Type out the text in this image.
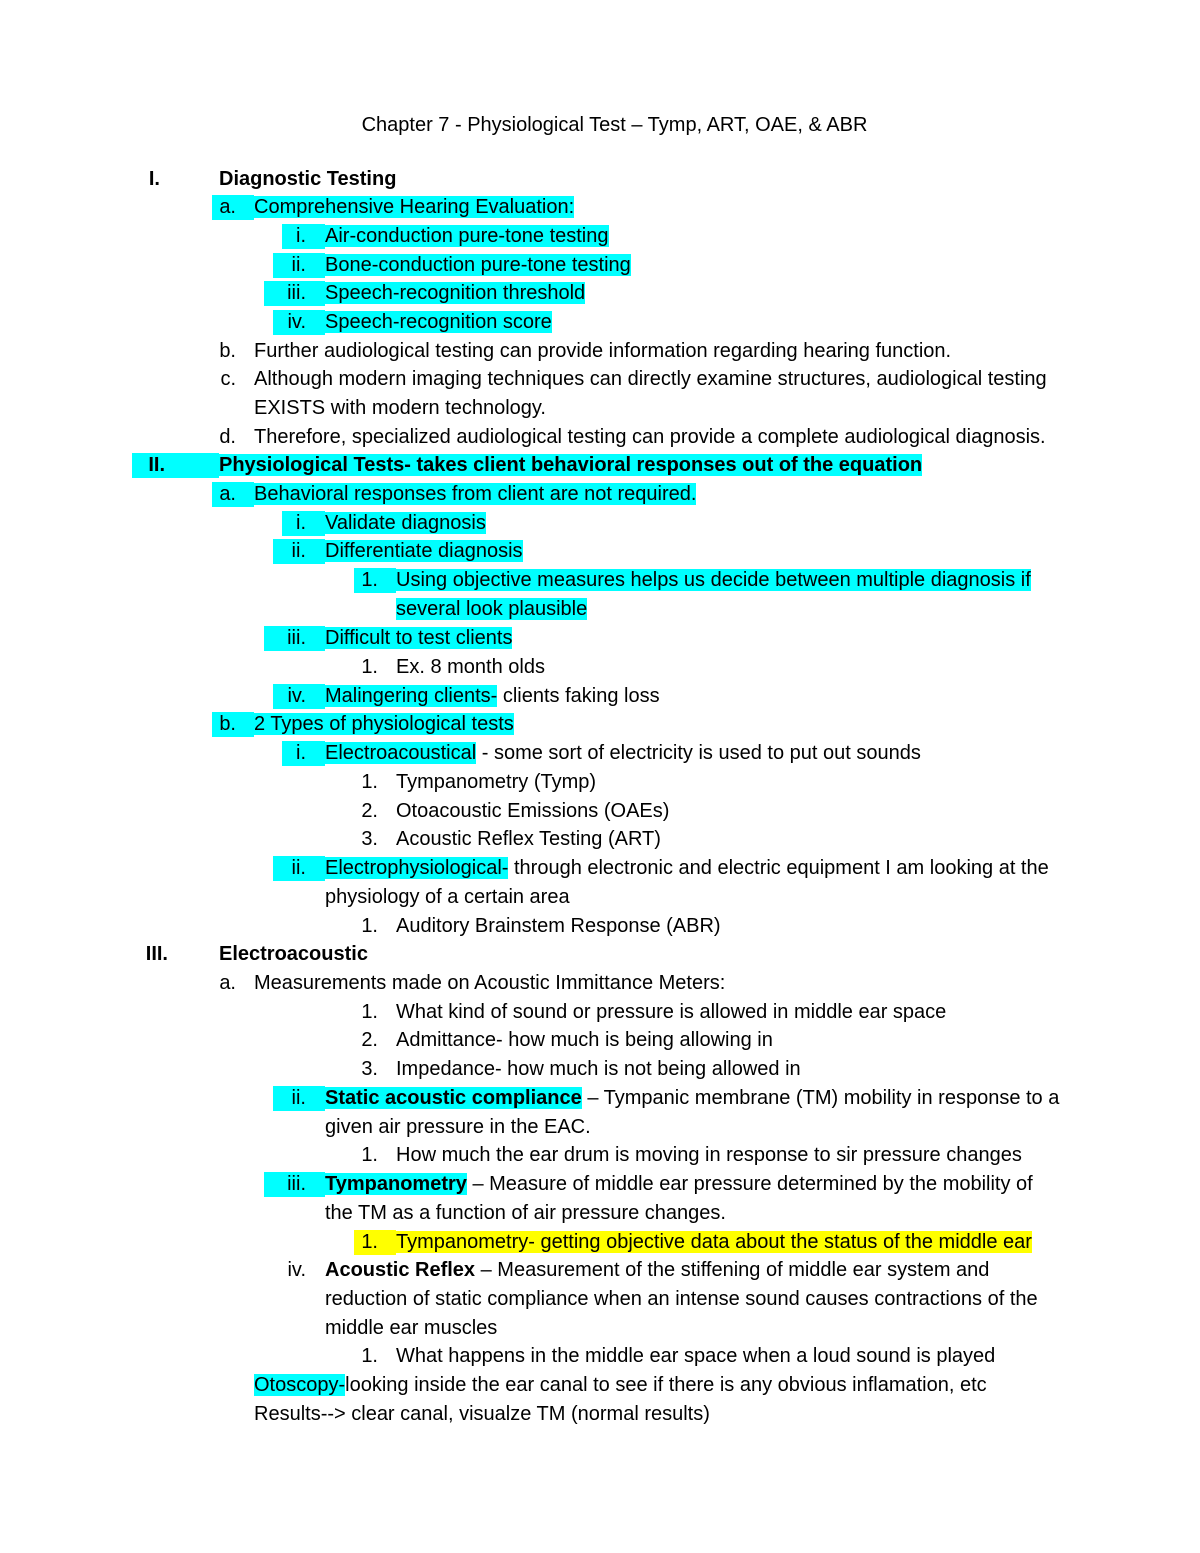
Chapter 7 - Physiological Test – Tymp, ART, OAE, & ABR
I.	Diagnostic Testing
a. Comprehensive Hearing Evaluation:
i. Air-conduction pure-tone testing
ii. Bone-conduction pure-tone testing
iii. Speech-recognition threshold
iv. Speech-recognition score
b. Further audiological testing can provide information regarding hearing function.
c. Although modern imaging techniques can directly examine structures, audiological testing
EXISTS with modern technology.
d. Therefore, specialized audiological testing can provide a complete audiological diagnosis.
II.	Physiological Tests- takes client behavioral responses out of the equation
a. Behavioral responses from client are not required.
i. Validate diagnosis
ii. Differentiate diagnosis
1. Using objective measures helps us decide between multiple diagnosis if
several look plausible
iii. Difficult to test clients
1. Ex. 8 month olds
iv. Malingering clients- clients faking loss
b. 2 Types of physiological tests
i. Electroacoustical - some sort of electricity is used to put out sounds
1. Tympanometry (Tymp)
2. Otoacoustic Emissions (OAEs)
3. Acoustic Reflex Testing (ART)
ii. Electrophysiological- through electronic and electric equipment I am looking at the
physiology of a certain area
1. Auditory Brainstem Response (ABR)
III.	Electroacoustic
a. Measurements made on Acoustic Immittance Meters:
1. What kind of sound or pressure is allowed in middle ear space
2. Admittance- how much is being allowing in
3. Impedance- how much is not being allowed in
ii. Static acoustic compliance – Tympanic membrane (TM) mobility in response to a
given air pressure in the EAC.
1. How much the ear drum is moving in response to sir pressure changes
iii. Tympanometry – Measure of middle ear pressure determined by the mobility of
the TM as a function of air pressure changes.
1. Tympanometry- getting objective data about the status of the middle ear
iv. Acoustic Reflex – Measurement of the stiffening of middle ear system and
reduction of static compliance when an intense sound causes contractions of the
middle ear muscles
1. What happens in the middle ear space when a loud sound is played
Otoscopy-looking inside the ear canal to see if there is any obvious inflamation, etc
Results--> clear canal, visualze TM (normal results)
